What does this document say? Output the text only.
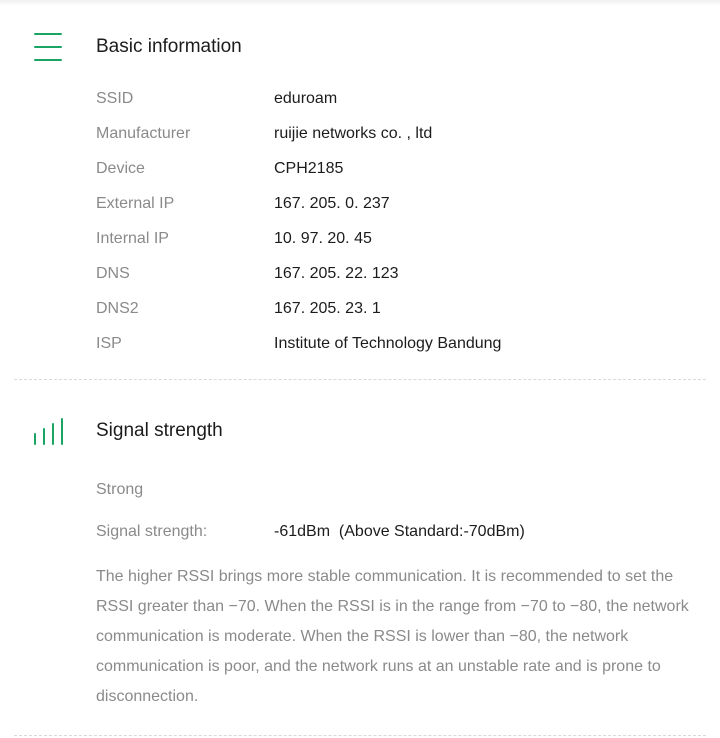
Basic information
SSID	eduroam
Manufacturer	ruijie networks co. , ltd
Device	CPH2185
External IP	167. 205. 0. 237
Internal IP	10. 97. 20. 45
DNS	167. 205. 22. 123
DNS2	167. 205. 23. 1
ISP	Institute of Technology Bandung
Signal strength
Strong
Signal strength:	-61dBm  (Above Standard:-70dBm)
The higher RSSI brings more stable communication. It is recommended to set the RSSI greater than −70. When the RSSI is in the range from −70 to −80, the network communication is moderate. When the RSSI is lower than −80, the network communication is poor, and the network runs at an unstable rate and is prone to disconnection.
